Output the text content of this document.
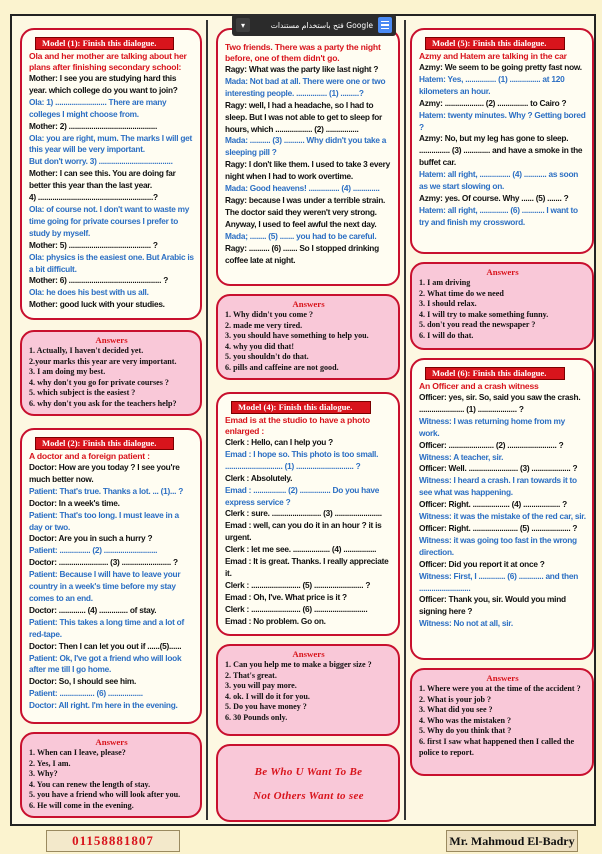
Model (1): Finish this dialogue.
Ola and her mother are talking about her plans after finishing secondary school:
Mother: I see you are studying hard this year. which college do you want to join?
Ola: 1) ......................... There are many colleges I might choose from.
Mother: 2) ...........................................
Ola: you are right, mum. The marks I will get this year will be very important.
But don't worry. 3) ....................................
Mother: I can see this. You are doing far better this year than the last year.
4) ........................................................?
Ola: of course not. I don't want to waste my time going for private courses I prefer to study by myself.
Mother: 5) ........................................ ?
Ola: physics is the easiest one. But Arabic is a bit difficult.
Mother: 6) ............................................. ?
Ola: he does his best with us all.
Mother: good luck with your studies.
Answers
1. Actually, I haven't decided yet.
2.your marks this year are very important.
3. I am doing my best.
4. why don't you go for private courses ?
5. which subject is the easiest ?
6. why don't you ask for the teachers help?
Model (2): Finish this dialogue.
A doctor and a foreign patient :
Doctor: How are you today ? I see you're much better now.
Patient: That's true. Thanks a lot. ... (1)... ?
Doctor: In a week's time.
Patient: That's too long. I must leave in a day or two.
Doctor: Are you in such a hurry ?
Patient: ............... (2) ..........................
Doctor: ........................ (3) ........................ ?
Patient: Because I will have to leave your country in a week's time before my stay comes to an end.
Doctor: ............. (4) .............. of stay.
Patient: This takes a long time and a lot of red-tape.
Doctor: Then I can let you out if ......(5)......
Patient: Ok, I've got a friend who will look after me till I go home.
Doctor: So, I should see him.
Patient: ................. (6) .................
Doctor: All right. I'm here in the evening.
Answers
1. When can I leave, please?
2. Yes, I am.
3. Why?
4. You can renew the length of stay.
5. you have a friend who will look after you.
6. He will come in the evening.
Two friends. There was a party the night before, one of them didn't go.
Ragy: What was the party like last night ?
Mada: Not bad at all. There were one or two interesting people. ............... (1) .........?
Ragy: well, I had a headache, so I had to sleep. But I was not able to get to sleep for hours, which .................. (2) ................
Mada: .......... (3) .......... Why didn't you take a sleeping pill ?
Ragy: I don't like them. I used to take 3 every night when I had to work overtime.
Mada: Good heavens! ............... (4) .............
Ragy: because I was under a terrible strain. The doctor said they weren't very strong. Anyway, I used to feel awful the next day.
Mada; ........ (5) ....... you had to be careful.
Ragy: .......... (6) ....... So I stopped drinking coffee late at night.
Answers
1. Why didn't you come ?
2. made me very tired.
3. you should have something to help you.
4. why you did that!
5. you shouldn't do that.
6. pills and caffeine are not good.
Model (4): Finish this dialogue.
Emad is at the studio to have a photo enlarged :
Clerk : Hello, can I help you ?
Emad : I hope so. This photo is too small. ............................ (1) ............................ ?
Clerk : Absolutely.
Emad : ................ (2) ............... Do you have express service ?
Clerk : sure. ........................ (3) .......................
Emad : well, can you do it in an hour ? it is urgent.
Clerk : let me see. .................. (4) ................
Emad : It is great. Thanks. I really appreciate it.
Clerk : ........................ (5) ........................ ?
Emad : Oh, I've. What price is it ?
Clerk : ........................ (6) ..........................
Emad : No problem. Go on.
Answers
1. Can you help me to make a bigger size ?
2. That's great.
3. you will pay more.
4. ok. I will do it for you.
5. Do you have money ?
6. 30 Pounds only.
Be Who U Want To Be
Not Others Want to see
Model (5): Finish this dialogue.
Azmy and Hatem are talking in the car
Azmy: We seem to be going pretty fast now.
Hatem: Yes, ............... (1) ............... at 120 kilometers an hour.
Azmy: ................... (2) ............... to Cairo ?
Hatem: twenty minutes. Why ? Getting bored ?
Azmy: No, but my leg has gone to sleep. ............... (3) ............. and have a smoke in the buffet car.
Hatem: all right, ............... (4) ........... as soon as we start slowing on.
Azmy: yes. Of course. Why ...... (5) ....... ?
Hatem: all right, .............. (6) ........... I want to try and finish my crossword.
Answers
1. I am driving
2. What time do we need
3. I should relax.
4. I will try to make something funny.
5. don't you read the newspaper ?
6. I will do that.
Model (6): Finish this dialogue.
An Officer and a crash witness
Officer: yes, sir. So, said you saw the crash. ...................... (1) ................... ?
Witness: I was returning home from my work.
Officer: ...................... (2) ........................ ?
Witness: A teacher, sir.
Officer: Well. ........................ (3) ................... ?
Witness: I heard a crash. I ran towards it to see what was happening.
Officer: Right. .................. (4) .................. ?
Witness: it was the mistake of the red car, sir.
Officer: Right. ...................... (5) ................... ?
Witness: it was going too fast in the wrong direction.
Officer: Did you report it at once ?
Witness: First, I ............. (6) ............ and then .........................
Officer: Thank you, sir. Would you mind signing here ?
Witness: No not at all, sir.
Answers
1. Where were you at the time of the accident ?
2. What is your job ?
3. What did you see ?
4. Who was the mistaken ?
5. Why do you think that ?
6. first I saw what happened then I called the police to report.
01158881807	Mr. Mahmoud El-Badry
▾	فتح باستخدام مستندات Google
